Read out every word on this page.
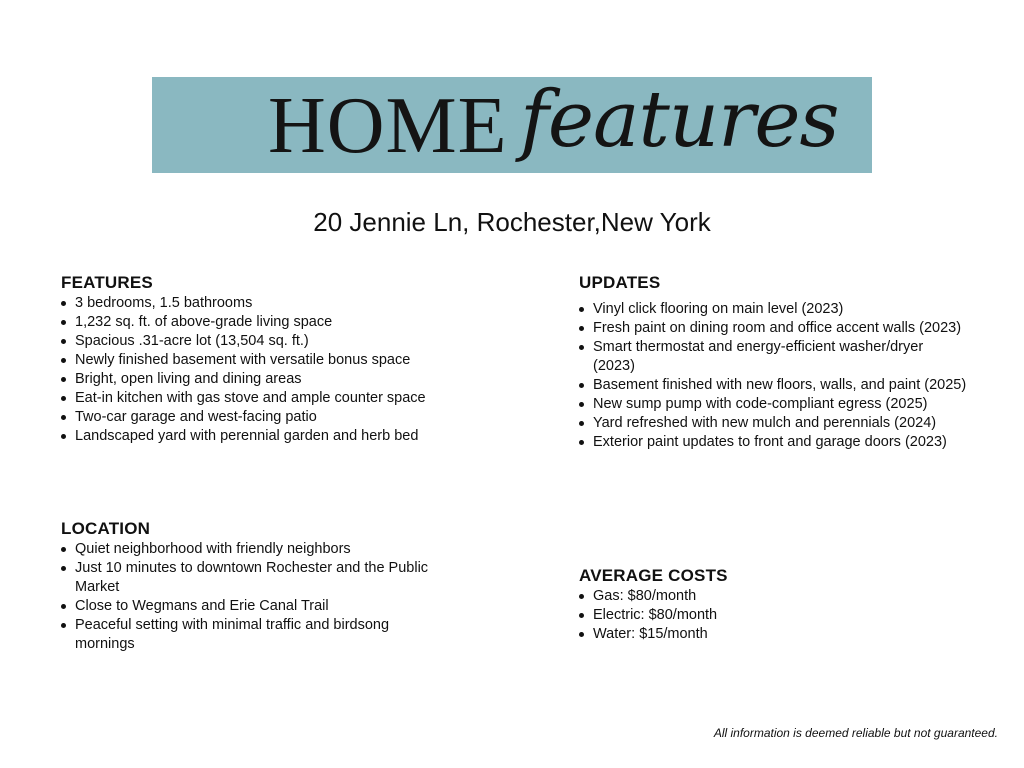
HOME features
20 Jennie Ln, Rochester,New York
FEATURES
3 bedrooms, 1.5 bathrooms
1,232 sq. ft. of above-grade living space
Spacious .31-acre lot (13,504 sq. ft.)
Newly finished basement with versatile bonus space
Bright, open living and dining areas
Eat-in kitchen with gas stove and ample counter space
Two-car garage and west-facing patio
Landscaped yard with perennial garden and herb bed
LOCATION
Quiet neighborhood with friendly neighbors
Just 10 minutes to downtown Rochester and the Public Market
Close to Wegmans and Erie Canal Trail
Peaceful setting with minimal traffic and birdsong mornings
UPDATES
Vinyl click flooring on main level (2023)
Fresh paint on dining room and office accent walls (2023)
Smart thermostat and energy-efficient washer/dryer (2023)
Basement finished with new floors, walls, and paint (2025)
New sump pump with code-compliant egress (2025)
Yard refreshed with new mulch and perennials (2024)
Exterior paint updates to front and garage doors (2023)
AVERAGE COSTS
Gas: $80/month
Electric: $80/month
Water: $15/month
All information is deemed reliable but not guaranteed.
